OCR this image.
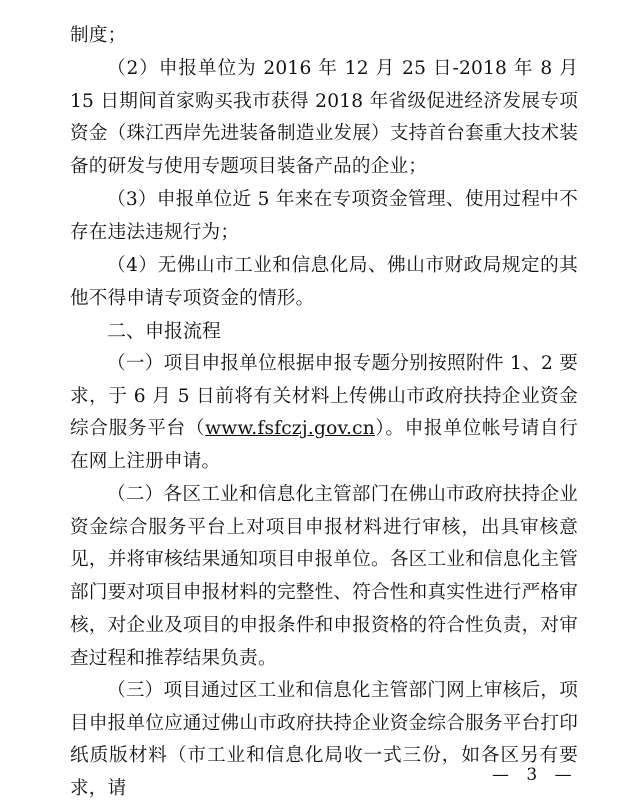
制度；

（2）申报单位为 2016 年 12 月 25 日-2018 年 8 月 15 日期间首家购买我市获得 2018 年省级促进经济发展专项资金（珠江西岸先进装备制造业发展）支持首台套重大技术装备的研发与使用专题项目装备产品的企业；

（3）申报单位近 5 年来在专项资金管理、使用过程中不存在违法违规行为；

（4）无佛山市工业和信息化局、佛山市财政局规定的其他不得申请专项资金的情形。

二、申报流程

（一）项目申报单位根据申报专题分别按照附件 1、2 要求，于 6 月 5 日前将有关材料上传佛山市政府扶持企业资金综合服务平台（www.fsfczj.gov.cn）。申报单位帐号请自行在网上注册申请。

（二）各区工业和信息化主管部门在佛山市政府扶持企业资金综合服务平台上对项目申报材料进行审核，出具审核意见，并将审核结果通知项目申报单位。各区工业和信息化主管部门要对项目申报材料的完整性、符合性和真实性进行严格审核，对企业及项目的申报条件和申报资格的符合性负责，对审查过程和推荐结果负责。

（三）项目通过区工业和信息化主管部门网上审核后，项目申报单位应通过佛山市政府扶持企业资金综合服务平台打印纸质版材料（市工业和信息化局收一式三份，如各区另有要求，请

— 3 —
